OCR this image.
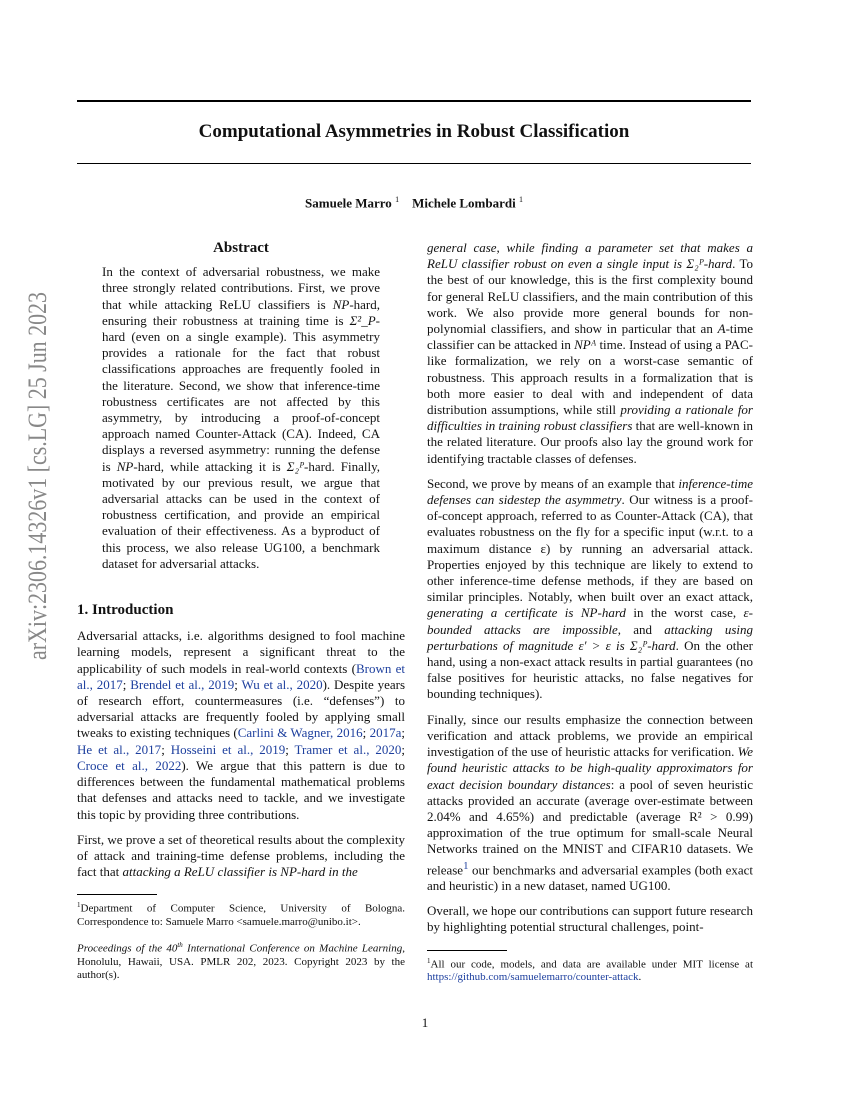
Computational Asymmetries in Robust Classification
Samuele Marro $^1$ Michele Lombardi $^1$
arXiv:2306.14326v1 [cs.LG] 25 Jun 2023	Abstract
In the context of adversarial robustness, we make three strongly related contributions. First, we prove that while attacking ReLU classifiers is NP-hard, ensuring their robustness at training time is Σ²_P-hard (even on a single example). This asymmetry provides a rationale for the fact that robust classifications approaches are frequently fooled in the literature. Second, we show that inference-time robustness certificates are not affected by this asymmetry, by introducing a proof-of-concept approach named Counter-Attack (CA). Indeed, CA displays a reversed asymmetry: running the defense is NP-hard, while attacking it is Σ₂ᴾ-hard. Finally, motivated by our previous result, we argue that adversarial attacks can be used in the context of robustness certification, and provide an empirical evaluation of their effectiveness. As a byproduct of this process, we also release UG100, a benchmark dataset for adversarial attacks.
1. Introduction

Adversarial attacks, i.e. algorithms designed to fool machine learning models, represent a significant threat to the applicability of such models in real-world contexts (Brown et al., 2017; Brendel et al., 2019; Wu et al., 2020). Despite years of research effort, countermeasures (i.e. “defenses”) to adversarial attacks are frequently fooled by applying small tweaks to existing techniques (Carlini & Wagner, 2016; 2017a; He et al., 2017; Hosseini et al., 2019; Tramer et al., 2020; Croce et al., 2022). We argue that this pattern is due to differences between the fundamental mathematical problems that defenses and attacks need to tackle, and we investigate this topic by providing three contributions.

First, we prove a set of theoretical results about the complexity of attack and training-time defense problems, including the fact that attacking a ReLU classifier is NP-hard in the

$^1$Department of Computer Science, University of Bologna. Correspondence to: Samuele Marro <samuele.marro@unibo.it>.

Proceedings of the 40th International Conference on Machine Learning, Honolulu, Hawaii, USA. PMLR 202, 2023. Copyright 2023 by the author(s).

general case, while finding a parameter set that makes a ReLU classifier robust on even a single input is Σ₂ᴾ-hard. To the best of our knowledge, this is the first complexity bound for general ReLU classifiers, and the main contribution of this work. We also provide more general bounds for non-polynomial classifiers, and show in particular that an A-time classifier can be attacked in NPᴬ time. Instead of using a PAC-like formalization, we rely on a worst-case semantic of robustness. This approach results in a formalization that is both more easier to deal with and independent of data distribution assumptions, while still providing a rationale for difficulties in training robust classifiers that are well-known in the related literature. Our proofs also lay the ground work for identifying tractable classes of defenses.

Second, we prove by means of an example that inference-time defenses can sidestep the asymmetry. Our witness is a proof-of-concept approach, referred to as Counter-Attack (CA), that evaluates robustness on the fly for a specific input (w.r.t. to a maximum distance ε) by running an adversarial attack. Properties enjoyed by this technique are likely to extend to other inference-time defense methods, if they are based on similar principles. Notably, when built over an exact attack, generating a certificate is NP-hard in the worst case, ε-bounded attacks are impossible, and attacking using perturbations of magnitude ε′ > ε is Σ₂ᴾ-hard. On the other hand, using a non-exact attack results in partial guarantees (no false positives for heuristic attacks, no false negatives for bounding techniques).

Finally, since our results emphasize the connection between verification and attack problems, we provide an empirical investigation of the use of heuristic attacks for verification. We found heuristic attacks to be high-quality approximators for exact decision boundary distances: a pool of seven heuristic attacks provided an accurate (average over-estimate between 2.04% and 4.65%) and predictable (average R² > 0.99) approximation of the true optimum for small-scale Neural Networks trained on the MNIST and CIFAR10 datasets. We release$^1$ our benchmarks and adversarial examples (both exact and heuristic) in a new dataset, named UG100.

Overall, we hope our contributions can support future research by highlighting potential structural challenges, point-

$^1$All our code, models, and data are available under MIT license at https://github.com/samuelemarro/counter-attack.

1
